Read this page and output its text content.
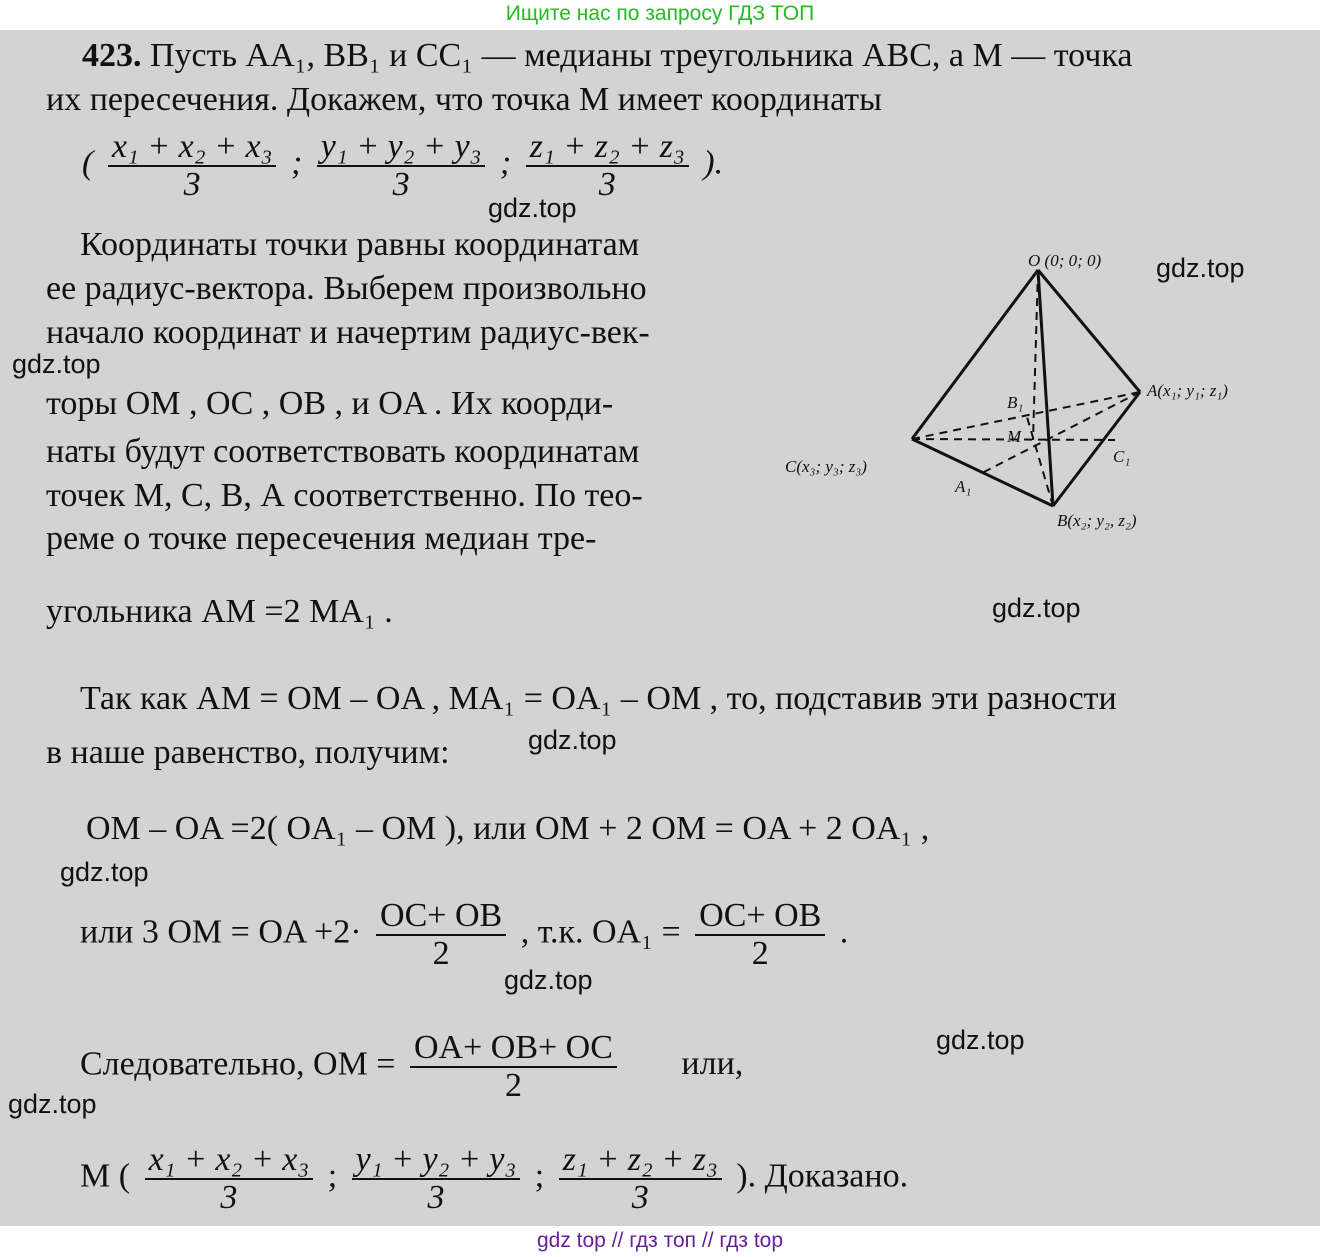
Ищите нас по запросу ГДЗ ТОП
423. Пусть АА₁, ВВ₁ и СС₁ — медианы треугольника АВС, а М — точка
их пересечения. Докажем, что точка М имеет координаты
( $\frac{\text{x₁ + x₂ + x₃}}{3}$ ; $\frac{\text{y₁ + y₂ + y₃}}{3}$ ; $\frac{\text{z₁ + z₂ + z₃}}{3}$ ).
Координаты точки равны координатам
ее радиус-вектора. Выберем произвольно
начало координат и начертим радиус-век-
торы OM , OC , OB , и OA . Их коорди-
наты будут соответствовать координатам
точек М, С, В, А соответственно. По тео-
реме о точке пересечения медиан тре-
угольника AM =2 MA₁ .
Так как AM = OM – OA , MA₁ = OA₁ – OM , то, подставив эти разности
в наше равенство, получим:
OM – OA =2( OA₁ – OM ), или OM + 2 OM = OA + 2 OA₁ ,
или 3 OM = OA $+2\cdot \frac{OC+ OB}{2}$ , т.к. $OA_1 = \frac{OC+ OB}{2}$ .
Следовательно, OM = $\frac{OA+ OB+ OC}{2}$ или,
M ( $\frac{\text{x₁ + x₂ + x₃}}{3}$ ; $\frac{\text{y₁ + y₂ + y₃}}{3}$ ; $\frac{\text{z₁ + z₂ + z₃}}{3}$ ). Доказано.
O (0; 0; 0)
A(x₁; y₁; z₁)
B(x₂; y₂, z₂)
C(x₃; y₃; z₃)
B₁
M
C₁
A₁
gdz.top
gdz.top
gdz.top
gdz.top
gdz.top
gdz.top
gdz.top
gdz.top
gdz.top
gdz top // гдз топ // гдз top
